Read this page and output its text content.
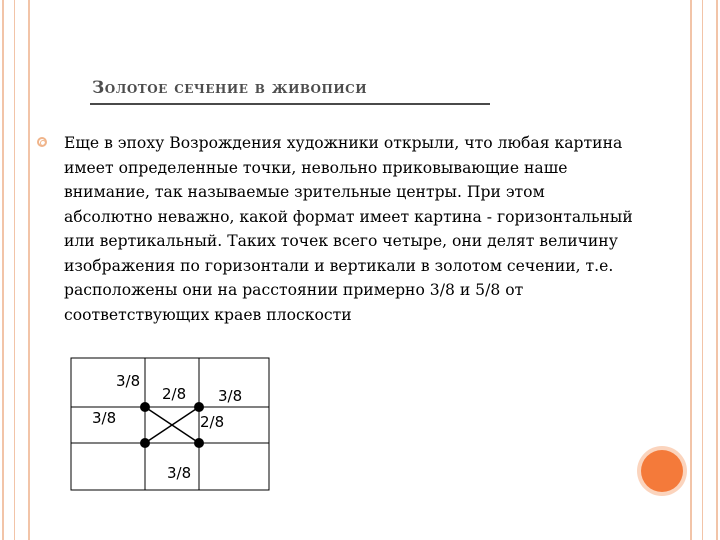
Золотое сечение в живописи

Еще в эпоху Возрождения художники открыли, что любая картина имеет определенные точки, невольно приковывающие наше внимание, так называемые зрительные центры. При этом абсолютно неважно, какой формат имеет картина - горизонтальный или вертикальный. Таких точек всего четыре, они делят величину изображения по горизонтали и вертикали в золотом сечении, т.е. расположены они на расстоянии примерно 3/8 и 5/8 от соответствующих краев плоскости

3/8
2/8 3/8
3/8	2/8
3/8
